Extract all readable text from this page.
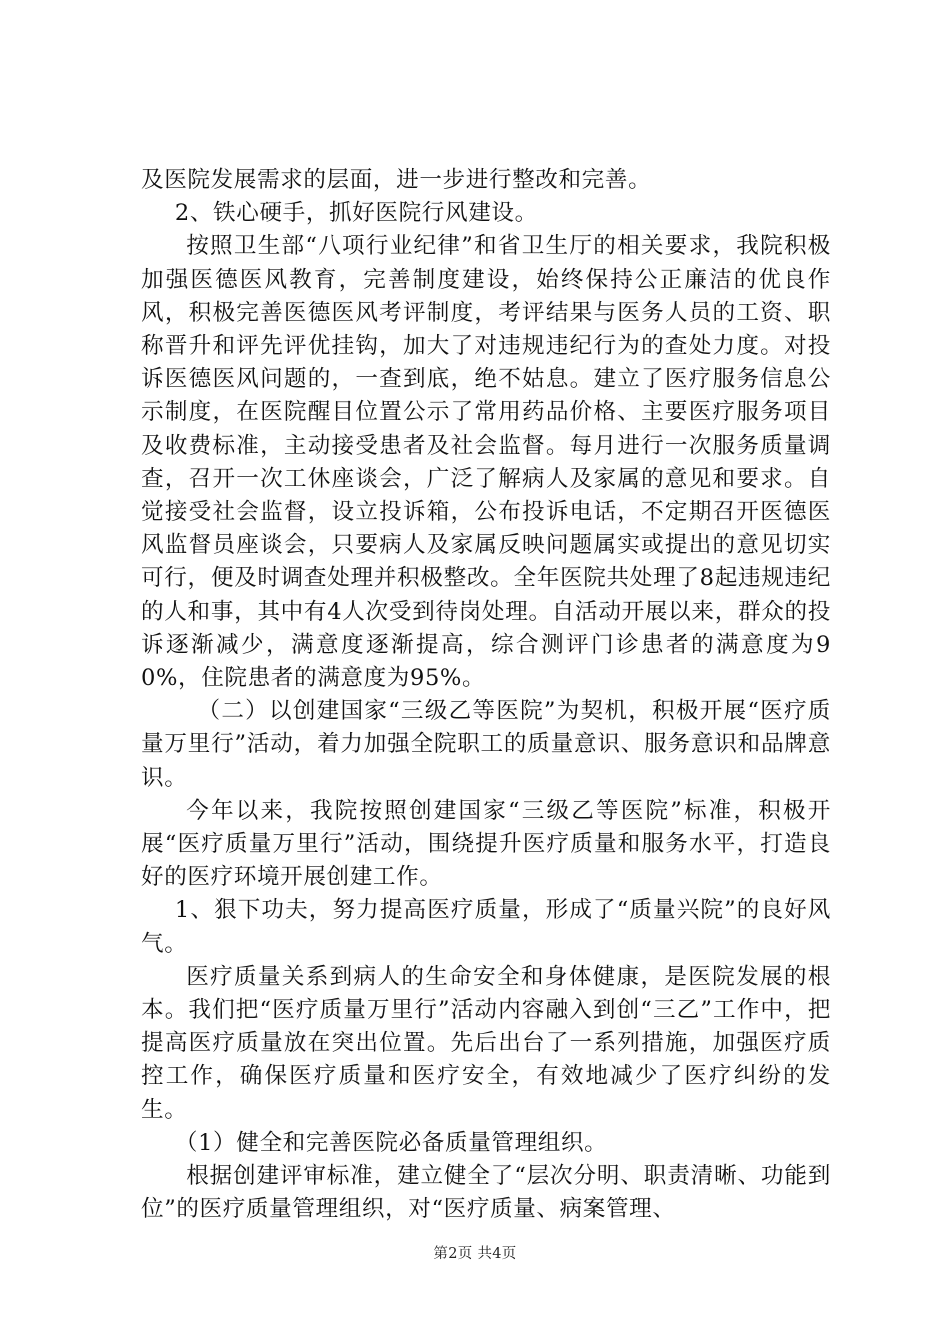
及医院发展需求的层面，进一步进行整改和完善。

2、铁心硬手，抓好医院行风建设。

按照卫生部“八项行业纪律”和省卫生厅的相关要求，我院积极加强医德医风教育，完善制度建设，始终保持公正廉洁的优良作风，积极完善医德医风考评制度，考评结果与医务人员的工资、职称晋升和评先评优挂钩，加大了对违规违纪行为的查处力度。对投诉医德医风问题的，一查到底，绝不姑息。建立了医疗服务信息公示制度，在医院醒目位置公示了常用药品价格、主要医疗服务项目及收费标准，主动接受患者及社会监督。每月进行一次服务质量调查，召开一次工休座谈会，广泛了解病人及家属的意见和要求。自觉接受社会监督，设立投诉箱，公布投诉电话，不定期召开医德医风监督员座谈会，只要病人及家属反映问题属实或提出的意见切实可行，便及时调查处理并积极整改。全年医院共处理了8起违规违纪的人和事，其中有4人次受到待岗处理。自活动开展以来，群众的投诉逐渐减少，满意度逐渐提高，综合测评门诊患者的满意度为90%，住院患者的满意度为95%。

（二）以创建国家“三级乙等医院”为契机，积极开展“医疗质量万里行”活动，着力加强全院职工的质量意识、服务意识和品牌意识。

今年以来，我院按照创建国家“三级乙等医院”标准，积极开展“医疗质量万里行”活动，围绕提升医疗质量和服务水平，打造良好的医疗环境开展创建工作。

1、狠下功夫，努力提高医疗质量，形成了“质量兴院”的良好风气。

医疗质量关系到病人的生命安全和身体健康，是医院发展的根本。我们把“医疗质量万里行”活动内容融入到创“三乙”工作中，把提高医疗质量放在突出位置。先后出台了一系列措施，加强医疗质控工作，确保医疗质量和医疗安全，有效地减少了医疗纠纷的发生。

（1）健全和完善医院必备质量管理组织。

根据创建评审标准，建立健全了“层次分明、职责清晰、功能到位”的医疗质量管理组织，对“医疗质量、病案管理、

第2页 共4页
